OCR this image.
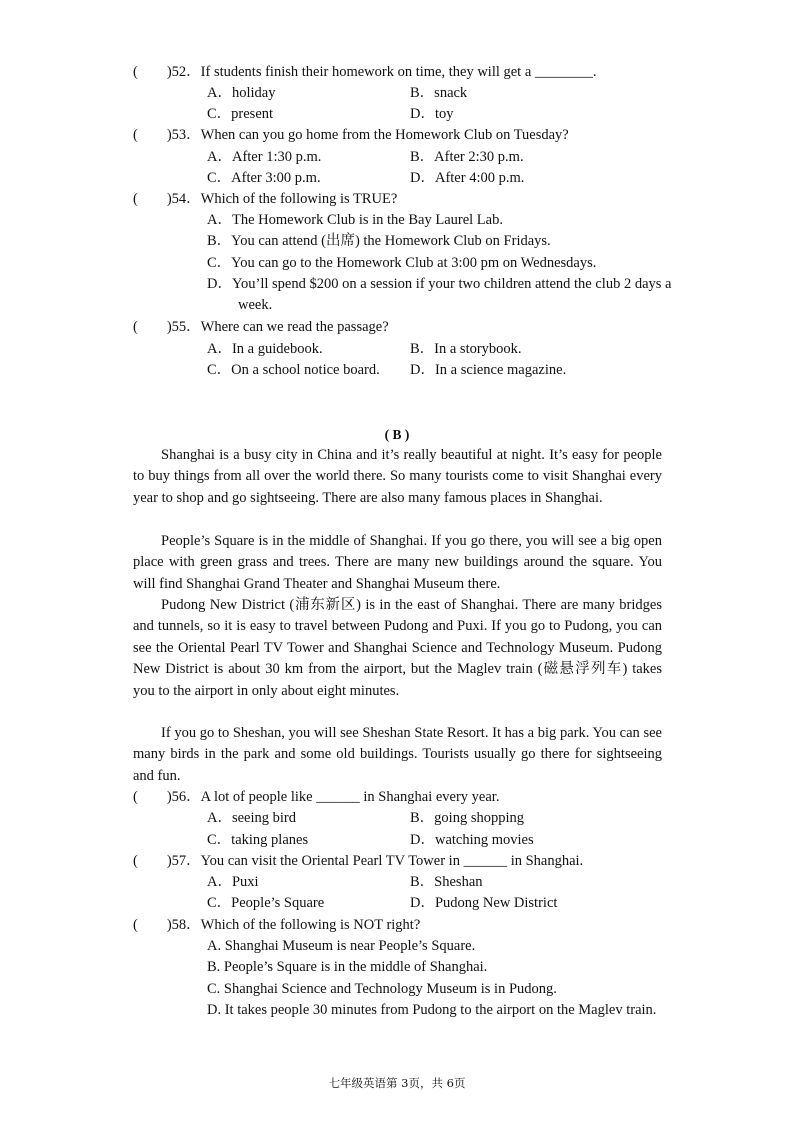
(　　)52．If students finish their homework on time, they will get a ________.
A．holiday	B．snack
C．present	D．toy
(　　)53．When can you go home from the Homework Club on Tuesday?
A．After 1:30 p.m.	B．After 2:30 p.m.
C．After 3:00 p.m.	D．After 4:00 p.m.
(　　)54．Which of the following is TRUE?
A．The Homework Club is in the Bay Laurel Lab.
B．You can attend (出席) the Homework Club on Fridays.
C．You can go to the Homework Club at 3:00 pm on Wednesdays.
D．You’ll spend $200 on a session if your two children attend the club 2 days a week.
(　　)55．Where can we read the passage?
A．In a guidebook.	B．In a storybook.
C．On a school notice board. D．In a science magazine.
( B )

Shanghai is a busy city in China and it’s really beautiful at night. It’s easy for people to buy things from all over the world there. So many tourists come to visit Shanghai every year to shop and go sightseeing. There are also many famous places in Shanghai.

People’s Square is in the middle of Shanghai. If you go there, you will see a big open place with green grass and trees. There are many new buildings around the square. You will find Shanghai Grand Theater and Shanghai Museum there.

Pudong New District (浦东新区) is in the east of Shanghai. There are many bridges and tunnels, so it is easy to travel between Pudong and Puxi. If you go to Pudong, you can see the Oriental Pearl TV Tower and Shanghai Science and Technology Museum. Pudong New District is about 30 km from the airport, but the Maglev train (磁悬浮列车) takes you to the airport in only about eight minutes.

If you go to Sheshan, you will see Sheshan State Resort. It has a big park. You can see many birds in the park and some old buildings. Tourists usually go there for sightseeing and fun.

(　　)56．A lot of people like ______ in Shanghai every year.
A．seeing bird	B．going shopping
C．taking planes	D．watching movies
(　　)57．You can visit the Oriental Pearl TV Tower in ______ in Shanghai.
A．Puxi	B．Sheshan
C．People’s Square	D．Pudong New District
(　　)58．Which of the following is NOT right?
A. Shanghai Museum is near People’s Square.
B. People’s Square is in the middle of Shanghai.
C. Shanghai Science and Technology Museum is in Pudong.
D. It takes people 30 minutes from Pudong to the airport on the Maglev train.
七年级英语第 3页，共 6页
